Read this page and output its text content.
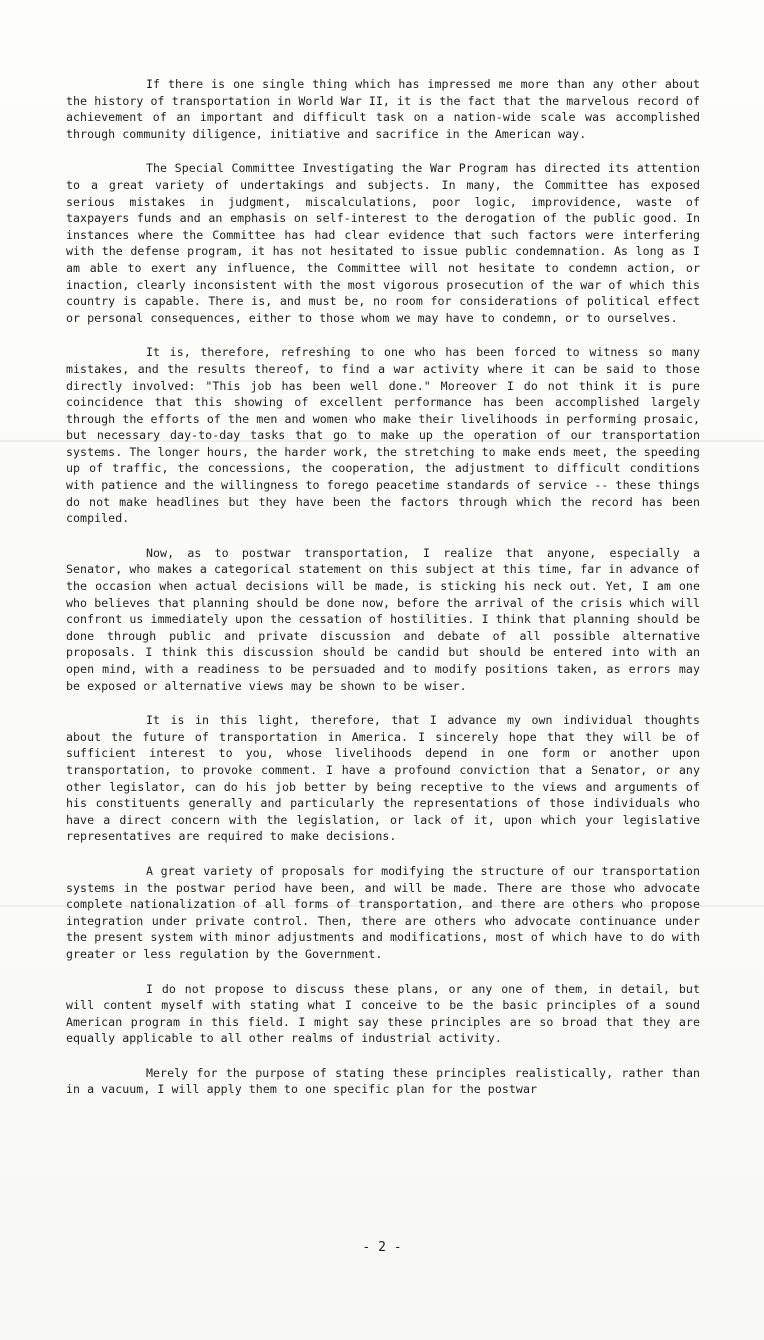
If there is one single thing which has impressed me more than any other about the history of transportation in World War II, it is the fact that the marvelous record of achievement of an important and difficult task on a nation-wide scale was accomplished through community diligence, initiative and sacrifice in the American way.

The Special Committee Investigating the War Program has directed its attention to a great variety of undertakings and subjects. In many, the Committee has exposed serious mistakes in judgment, miscalculations, poor logic, improvidence, waste of taxpayers funds and an emphasis on self-interest to the derogation of the public good. In instances where the Committee has had clear evidence that such factors were interfering with the defense program, it has not hesitated to issue public condemnation. As long as I am able to exert any influence, the Committee will not hesitate to condemn action, or inaction, clearly inconsistent with the most vigorous prosecution of the war of which this country is capable. There is, and must be, no room for considerations of political effect or personal consequences, either to those whom we may have to condemn, or to ourselves.

It is, therefore, refreshing to one who has been forced to witness so many mistakes, and the results thereof, to find a war activity where it can be said to those directly involved: "This job has been well done." Moreover I do not think it is pure coincidence that this showing of excellent performance has been accomplished largely through the efforts of the men and women who make their livelihoods in performing prosaic, but necessary day-to-day tasks that go to make up the operation of our transportation systems. The longer hours, the harder work, the stretching to make ends meet, the speeding up of traffic, the concessions, the cooperation, the adjustment to difficult conditions with patience and the willingness to forego peacetime standards of service -- these things do not make headlines but they have been the factors through which the record has been compiled.

Now, as to postwar transportation, I realize that anyone, especially a Senator, who makes a categorical statement on this subject at this time, far in advance of the occasion when actual decisions will be made, is sticking his neck out. Yet, I am one who believes that planning should be done now, before the arrival of the crisis which will confront us immediately upon the cessation of hostilities. I think that planning should be done through public and private discussion and debate of all possible alternative proposals. I think this discussion should be candid but should be entered into with an open mind, with a readiness to be persuaded and to modify positions taken, as errors may be exposed or alternative views may be shown to be wiser.

It is in this light, therefore, that I advance my own individual thoughts about the future of transportation in America. I sincerely hope that they will be of sufficient interest to you, whose livelihoods depend in one form or another upon transportation, to provoke comment. I have a profound conviction that a Senator, or any other legislator, can do his job better by being receptive to the views and arguments of his constituents generally and particularly the representations of those individuals who have a direct concern with the legislation, or lack of it, upon which your legislative representatives are required to make decisions.

A great variety of proposals for modifying the structure of our transportation systems in the postwar period have been, and will be made. There are those who advocate complete nationalization of all forms of transportation, and there are others who propose integration under private control. Then, there are others who advocate continuance under the present system with minor adjustments and modifications, most of which have to do with greater or less regulation by the Government.

I do not propose to discuss these plans, or any one of them, in detail, but will content myself with stating what I conceive to be the basic principles of a sound American program in this field. I might say these principles are so broad that they are equally applicable to all other realms of industrial activity.

Merely for the purpose of stating these principles realistically, rather than in a vacuum, I will apply them to one specific plan for the postwar

- 2 -
